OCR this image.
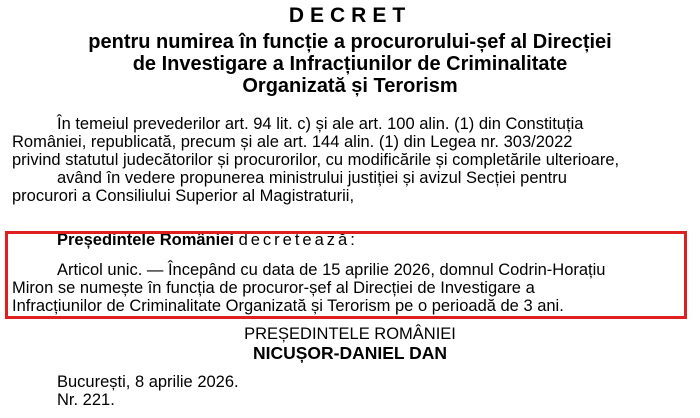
DECRET
pentru numirea în funcție a procurorului-șef al Direcției
de Investigare a Infracțiunilor de Criminalitate
Organizată și Terorism
În temeiul prevederilor art. 94 lit. c) și ale art. 100 alin. (1) din Constituția
României, republicată, precum și ale art. 144 alin. (1) din Legea nr. 303/2022
privind statutul judecătorilor și procurorilor, cu modificările și completările ulterioare,
având în vedere propunerea ministrului justiției și avizul Secției pentru
procurori a Consiliului Superior al Magistraturii,
Președintele României decretează:
Articol unic. — Începând cu data de 15 aprilie 2026, domnul Codrin-Horațiu
Miron se numește în funcția de procuror-șef al Direcției de Investigare a
Infracțiunilor de Criminalitate Organizată și Terorism pe o perioadă de 3 ani.
PREȘEDINTELE ROMÂNIEI
NICUȘOR-DANIEL DAN
București, 8 aprilie 2026.
Nr. 221.
